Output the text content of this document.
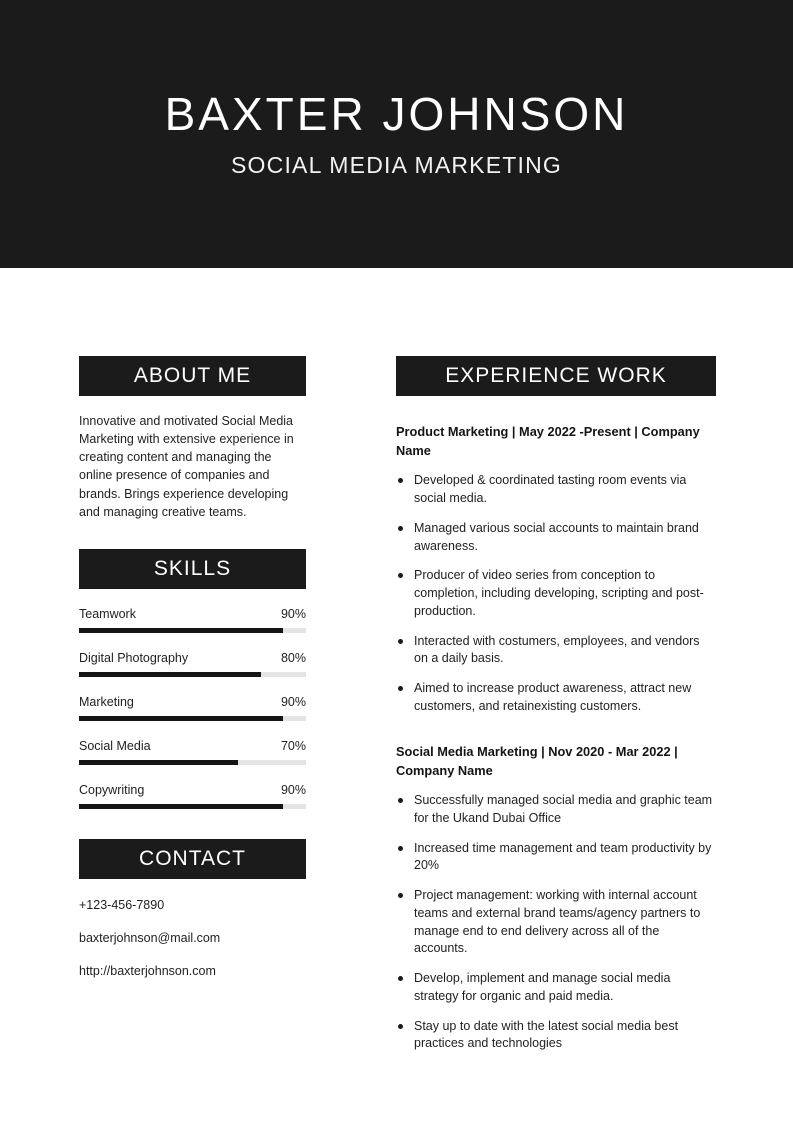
BAXTER JOHNSON
SOCIAL MEDIA MARKETING
ABOUT ME

Innovative and motivated Social Media Marketing with extensive experience in creating content and managing the online presence of companies and brands. Brings experience developing and managing creative teams.

SKILLS
Teamwork	90%
Digital Photography	80%
Marketing	90%
Social Media	70%
Copywriting	90%
CONTACT
+123-456-7890
baxterjohnson@mail.com
http://baxterjohnson.com
EXPERIENCE WORK
Product Marketing | May 2022 -Present | Company Name
Developed & coordinated tasting room events via social media.
Managed various social accounts to maintain brand awareness.
Producer of video series from conception to completion, including developing, scripting and post-production.
Interacted with costumers, employees, and vendors on a daily basis.
Aimed to increase product awareness, attract new customers, and retainexisting customers.
Social Media Marketing | Nov 2020 - Mar 2022 | Company Name
Successfully managed social media and graphic team for the Ukand Dubai Office
Increased time management and team productivity by 20%
Project management: working with internal account teams and external brand teams/agency partners to manage end to end delivery across all of the accounts.
Develop, implement and manage social media strategy for organic and paid media.
Stay up to date with the latest social media best practices and technologies
